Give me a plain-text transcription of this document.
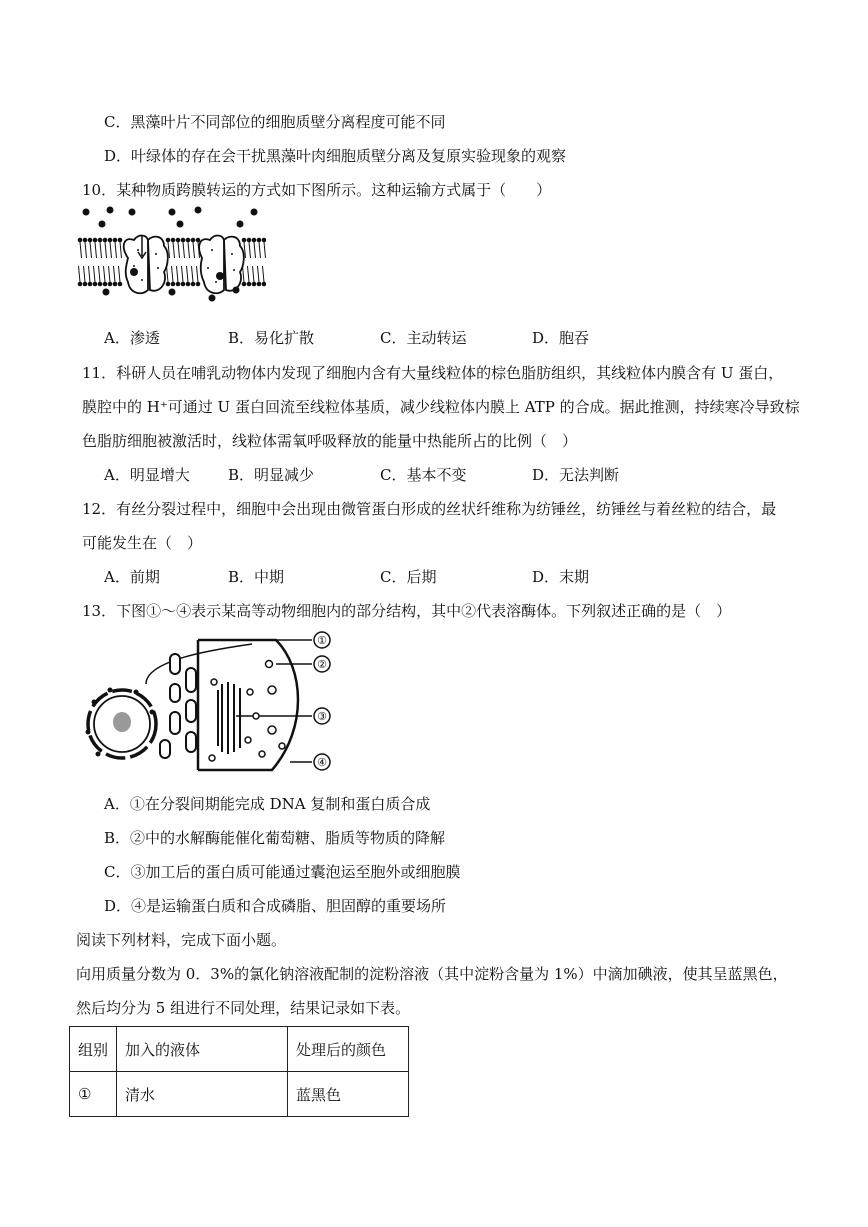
C．黑藻叶片不同部位的细胞质壁分离程度可能不同
D．叶绿体的存在会干扰黑藻叶肉细胞质壁分离及复原实验现象的观察
10．某种物质跨膜转运的方式如下图所示。这种运输方式属于（　　）
A．渗透	B．易化扩散	C．主动转运	D．胞吞
11．科研人员在哺乳动物体内发现了细胞内含有大量线粒体的棕色脂肪组织，其线粒体内膜含有 U 蛋白，
膜腔中的 H⁺可通过 U 蛋白回流至线粒体基质，减少线粒体内膜上 ATP 的合成。据此推测，持续寒冷导致棕
色脂肪细胞被激活时，线粒体需氧呼吸释放的能量中热能所占的比例（　）
A．明显增大	B．明显减少	C．基本不变	D．无法判断
12．有丝分裂过程中，细胞中会出现由微管蛋白形成的丝状纤维称为纺锤丝，纺锤丝与着丝粒的结合，最
可能发生在（　）
A．前期	B．中期	C．后期	D．末期
13．下图①～④表示某高等动物细胞内的部分结构，其中②代表溶酶体。下列叙述正确的是（　）
①
②
③
④
A．①在分裂间期能完成 DNA 复制和蛋白质合成
B．②中的水解酶能催化葡萄糖、脂质等物质的降解
C．③加工后的蛋白质可能通过囊泡运至胞外或细胞膜
D．④是运输蛋白质和合成磷脂、胆固醇的重要场所
阅读下列材料，完成下面小题。
向用质量分数为 0．3%的氯化钠溶液配制的淀粉溶液（其中淀粉含量为 1%）中滴加碘液，使其呈蓝黑色，
然后均分为 5 组进行不同处理，结果记录如下表。
组别	加入的液体	处理后的颜色
①	清水	蓝黑色
